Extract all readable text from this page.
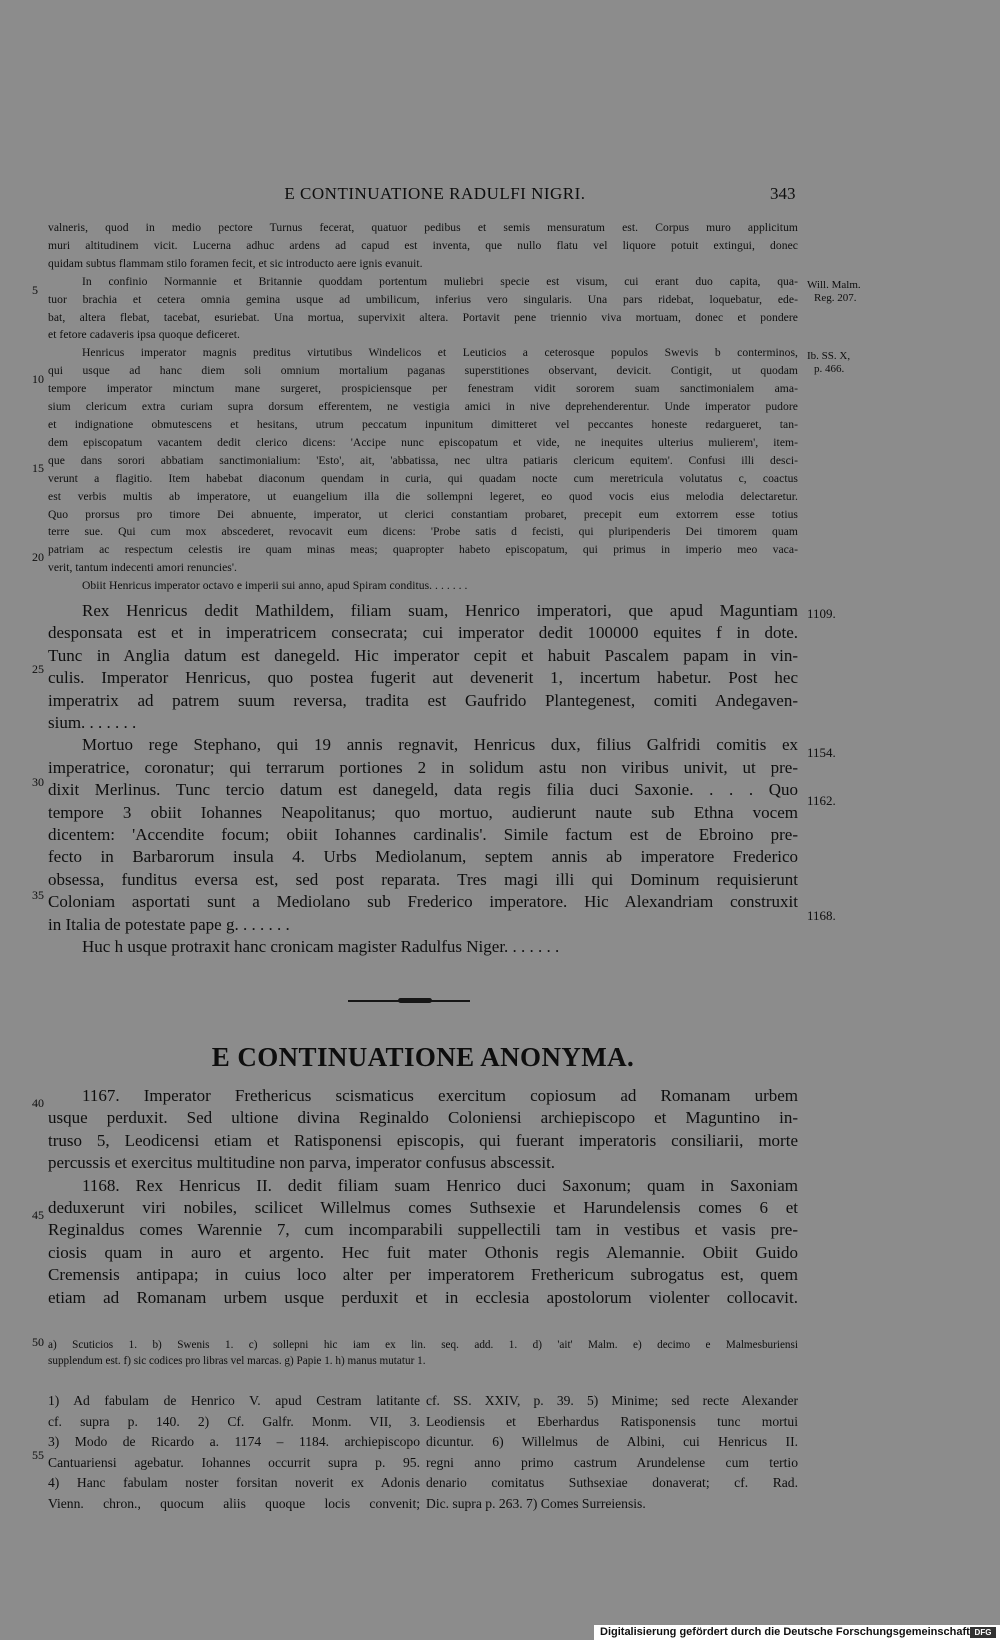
E CONTINUATIONE RADULFI NIGRI.	343
valneris, quod in medio pectore Turnus fecerat, quatuor pedibus et semis mensuratum est. Corpus muro applicitum
muri altitudinem vicit. Lucerna adhuc ardens ad capud est inventa, que nullo flatu vel liquore potuit extingui, donec
quidam subtus flammam stilo foramen fecit, et sic introducto aere ignis evanuit.
In confinio Normannie et Britannie quoddam portentum muliebri specie est visum, cui erant duo capita, qua-
tuor brachia et cetera omnia gemina usque ad umbilicum, inferius vero singularis. Una pars ridebat, loquebatur, ede-
bat, altera flebat, tacebat, esuriebat. Una mortua, supervixit altera. Portavit pene triennio viva mortuam, donec et pondere
et fetore cadaveris ipsa quoque deficeret.
Henricus imperator magnis preditus virtutibus Windelicos et Leuticios a ceterosque populos Swevis b conterminos,
qui usque ad hanc diem soli omnium mortalium paganas superstitiones observant, devicit. Contigit, ut quodam
tempore imperator minctum mane surgeret, prospiciensque per fenestram vidit sororem suam sanctimonialem ama-
sium clericum extra curiam supra dorsum efferentem, ne vestigia amici in nive deprehenderentur. Unde imperator pudore
et indignatione obmutescens et hesitans, utrum peccatum inpunitum dimitteret vel peccantes honeste redargueret, tan-
dem episcopatum vacantem dedit clerico dicens: 'Accipe nunc episcopatum et vide, ne inequites ulterius mulierem', item-
que dans sorori abbatiam sanctimonialium: 'Esto', ait, 'abbatissa, nec ultra patiaris clericum equitem'. Confusi illi desci-
verunt a flagitio. Item habebat diaconum quendam in curia, qui quadam nocte cum meretricula volutatus c, coactus
est verbis multis ab imperatore, ut euangelium illa die sollempni legeret, eo quod vocis eius melodia delectaretur.
Quo prorsus pro timore Dei abnuente, imperator, ut clerici constantiam probaret, precepit eum extorrem esse totius
terre sue. Qui cum mox abscederet, revocavit eum dicens: 'Probe satis d fecisti, qui pluripenderis Dei timorem quam
patriam ac respectum celestis ire quam minas meas; quapropter habeto episcopatum, qui primus in imperio meo vaca-
verit, tantum indecenti amori renuncies'.
Obiit Henricus imperator octavo e imperii sui anno, apud Spiram conditus. . . . . . .
Rex Henricus dedit Mathildem, filiam suam, Henrico imperatori, que apud Maguntiam
desponsata est et in imperatricem consecrata; cui imperator dedit 100000 equites f in dote.
Tunc in Anglia datum est danegeld. Hic imperator cepit et habuit Pascalem papam in vin-
culis. Imperator Henricus, quo postea fugerit aut devenerit 1, incertum habetur. Post hec
imperatrix ad patrem suum reversa, tradita est Gaufrido Plantegenest, comiti Andegaven-
sium. . . . . . .
Mortuo rege Stephano, qui 19 annis regnavit, Henricus dux, filius Galfridi comitis ex
imperatrice, coronatur; qui terrarum portiones 2 in solidum astu non viribus univit, ut pre-
dixit Merlinus. Tunc tercio datum est danegeld, data regis filia duci Saxonie. . . . Quo
tempore 3 obiit Iohannes Neapolitanus; quo mortuo, audierunt naute sub Ethna vocem
dicentem: 'Accendite focum; obiit Iohannes cardinalis'. Simile factum est de Ebroino pre-
fecto in Barbarorum insula 4. Urbs Mediolanum, septem annis ab imperatore Frederico
obsessa, funditus eversa est, sed post reparata. Tres magi illi qui Dominum requisierunt
Coloniam asportati sunt a Mediolano sub Frederico imperatore. Hic Alexandriam construxit
in Italia de potestate pape g. . . . . . .
Huc h usque protraxit hanc cronicam magister Radulfus Niger. . . . . . .
E CONTINUATIONE ANONYMA.
1167. Imperator Frethericus scismaticus exercitum copiosum ad Romanam urbem
usque perduxit. Sed ultione divina Reginaldo Coloniensi archiepiscopo et Maguntino in-
truso 5, Leodicensi etiam et Ratisponensi episcopis, qui fuerant imperatoris consiliarii, morte
percussis et exercitus multitudine non parva, imperator confusus abscessit.
1168. Rex Henricus II. dedit filiam suam Henrico duci Saxonum; quam in Saxoniam
deduxerunt viri nobiles, scilicet Willelmus comes Suthsexie et Harundelensis comes 6 et
Reginaldus comes Warennie 7, cum incomparabili suppellectili tam in vestibus et vasis pre-
ciosis quam in auro et argento. Hec fuit mater Othonis regis Alemannie. Obiit Guido
Cremensis antipapa; in cuius loco alter per imperatorem Frethericum subrogatus est, quem
etiam ad Romanam urbem usque perduxit et in ecclesia apostolorum violenter collocavit.
a) Scuticios 1. b) Swenis 1. c) sollepni hic iam ex lin. seq. add. 1. d) 'ait' Malm. e) decimo e Malmesburiensi
supplendum est. f) sic codices pro libras vel marcas. g) Papie 1. h) manus mutatur 1.
1) Ad fabulam de Henrico V. apud Cestram latitante
cf. supra p. 140. 2) Cf. Galfr. Monm. VII, 3.
3) Modo de Ricardo a. 1174 – 1184. archiepiscopo
Cantuariensi agebatur. Iohannes occurrit supra p. 95.
4) Hanc fabulam noster forsitan noverit ex Adonis
Vienn. chron., quocum aliis quoque locis convenit;
cf. SS. XXIV, p. 39. 5) Minime; sed recte Alexander
Leodiensis et Eberhardus Ratisponensis tunc mortui
dicuntur. 6) Willelmus de Albini, cui Henricus II.
regni anno primo castrum Arundelense cum tertio
denario comitatus Suthsexiae donaverat; cf. Rad.
Dic. supra p. 263. 7) Comes Surreiensis.
5
10
15
20
25
30
35
40
45
50
55
Will. Malm.
Reg. 207.
Ib. SS. X,
p. 466.
1109.
1154.
1162.
1168.
Digitalisierung gefördert durch die Deutsche Forschungsgemeinschaft DFG
